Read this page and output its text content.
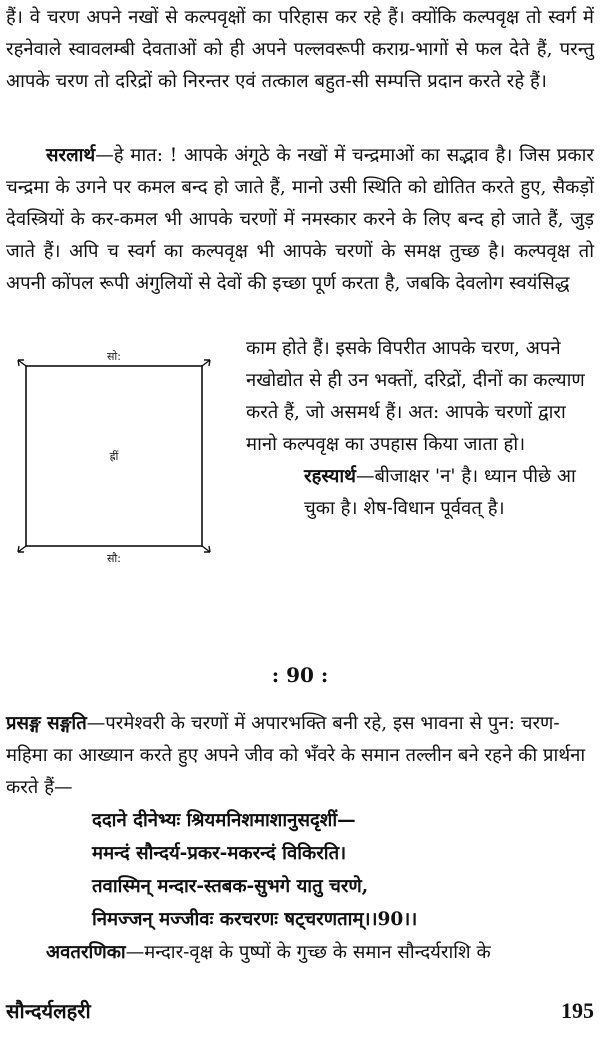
हैं। वे चरण अपने नखों से कल्पवृक्षों का परिहास कर रहे हैं। क्योंकि कल्पवृक्ष तो स्वर्ग में रहनेवाले स्वावलम्बी देवताओं को ही अपने पल्लवरूपी कराग्र-भागों से फल देते हैं, परन्तु आपके चरण तो दरिद्रों को निरन्तर एवं तत्काल बहुत-सी सम्पत्ति प्रदान करते रहे हैं।
सरलार्थ—हे मात: ! आपके अंगूठे के नखों में चन्द्रमाओं का सद्भाव है। जिस प्रकार चन्द्रमा के उगने पर कमल बन्द हो जाते हैं, मानो उसी स्थिति को द्योतित करते हुए, सैकड़ों देवस्त्रियों के कर-कमल भी आपके चरणों में नमस्कार करने के लिए बन्द हो जाते हैं, जुड़ जाते हैं। अपि च स्वर्ग का कल्पवृक्ष भी आपके चरणों के समक्ष तुच्छ है। कल्पवृक्ष तो अपनी कोंपल रूपी अंगुलियों से देवों की इच्छा पूर्ण करता है, जबकि देवलोग स्वयंसिद्ध
सो:
ह्रीं
सौ:
काम होते हैं। इसके विपरीत आपके चरण, अपने नखोद्योत से ही उन भक्तों, दरिद्रों, दीनों का कल्याण करते हैं, जो असमर्थ हैं। अत: आपके चरणों द्वारा मानो कल्पवृक्ष का उपहास किया जाता हो।
रहस्यार्थ—बीजाक्षर 'न' है। ध्यान पीछे आ चुका है। शेष-विधान पूर्ववत् है।
: 90 :
प्रसङ्ग सङ्गति—परमेश्वरी के चरणों में अपारभक्ति बनी रहे, इस भावना से पुन: चरण-महिमा का आख्यान करते हुए अपने जीव को भँवरे के समान तल्लीन बने रहने की प्रार्थना करते हैं—
ददाने दीनेभ्यः श्रियमनिशमाशानुसदृशीं—
ममन्दं सौन्दर्य-प्रकर-मकरन्दं विकिरति।
तवास्मिन् मन्दार-स्तबक-सुभगे यातु चरणे,
निमज्जन् मज्जीवः करचरणः षट्चरणताम्।।90।।
अवतरणिका—मन्दार-वृक्ष के पुष्पों के गुच्छ के समान सौन्दर्यराशि के
सौन्दर्यलहरी	195
